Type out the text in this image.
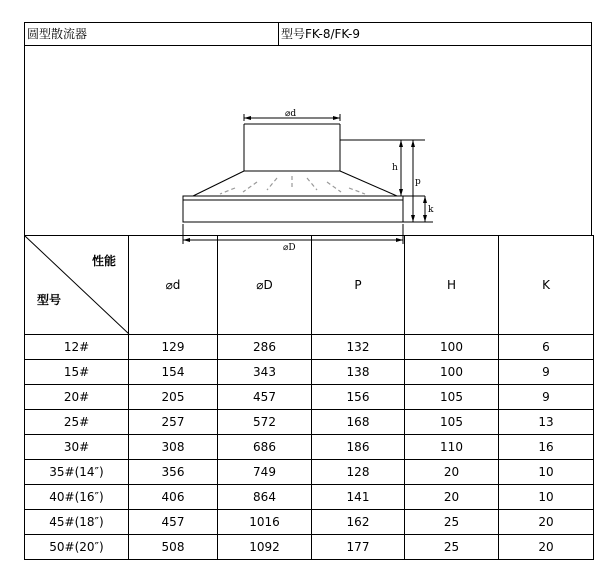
圆型散流器	型号FK-8/FK-9
⌀d
⌀D
h
p
k
性能
型号	⌀d	⌀D	P	H	K
12#	129	286	132	100	6
15#	154	343	138	100	9
20#	205	457	156	105	9
25#	257	572	168	105	13
30#	308	686	186	110	16
35#(14″)	356	749	128	20	10
40#(16″)	406	864	141	20	10
45#(18″)	457	1016	162	25	20
50#(20″)	508	1092	177	25	20
